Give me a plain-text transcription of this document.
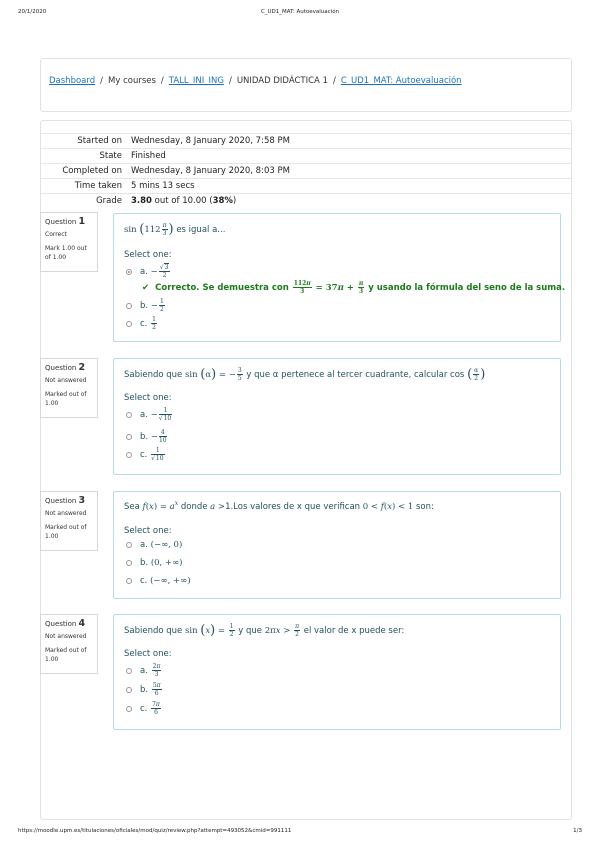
20/1/2020	C_UD1_MAT: Autoevaluación
Dashboard / My courses / TALL_INI_ING / UNIDAD DIDÁCTICA 1 / C_UD1_MAT: Autoevaluación
Started on	Wednesday, 8 January 2020, 7:58 PM
State	Finished
Completed on	Wednesday, 8 January 2020, 8:03 PM
Time taken	5 mins 13 secs
Grade	3.80 out of 10.00 (38%)
Question 1
Correct
Mark 1.00 out of 1.00
$\sin (112 \frac{\pi}{3}$ ) es igual a...
Select one:
a. − $\frac{√3}{2}$
✔ Correcto. Se demuestra con $\frac{112\pi}{3} = 37\pi + \frac{\pi}{3}$ y usando la fórmula del seno de la suma.
b. − $\frac{1}{2}$
c. $\frac{1}{2}$
Question 2
Not answered
Marked out of 1.00
Sabiendo que sin (α) = − $\frac{3}{5}$ y que α pertenece al tercer cuadrante, calcular cos ( $\frac{\alpha}{2}$ )
Select one:
a. − $\frac{1}{√10}$
b. − $\frac{4}{10}$
c. $\frac{1}{√10}$
Question 3
Not answered
Marked out of 1.00
Sea $f(x) = a^x$ donde a >1.Los valores de x que verifican 0 < f(x) < 1 son:
Select one:
a. (−∞, 0)
b. (0, +∞)
c. (−∞, +∞)
Question 4
Not answered
Marked out of 1.00
Sabiendo que $\sin (x) = \frac{1}{2}$ y que $2\pi x > \frac{\pi}{2}$ el valor de x puede ser:
Select one:
a. $\frac{2\pi}{3}$
b. $\frac{5\pi}{6}$
c. $\frac{7\pi}{6}$
https://moodle.upm.es/titulaciones/oficiales/mod/quiz/review.php?attempt=493052&cmid=991111	1/3
